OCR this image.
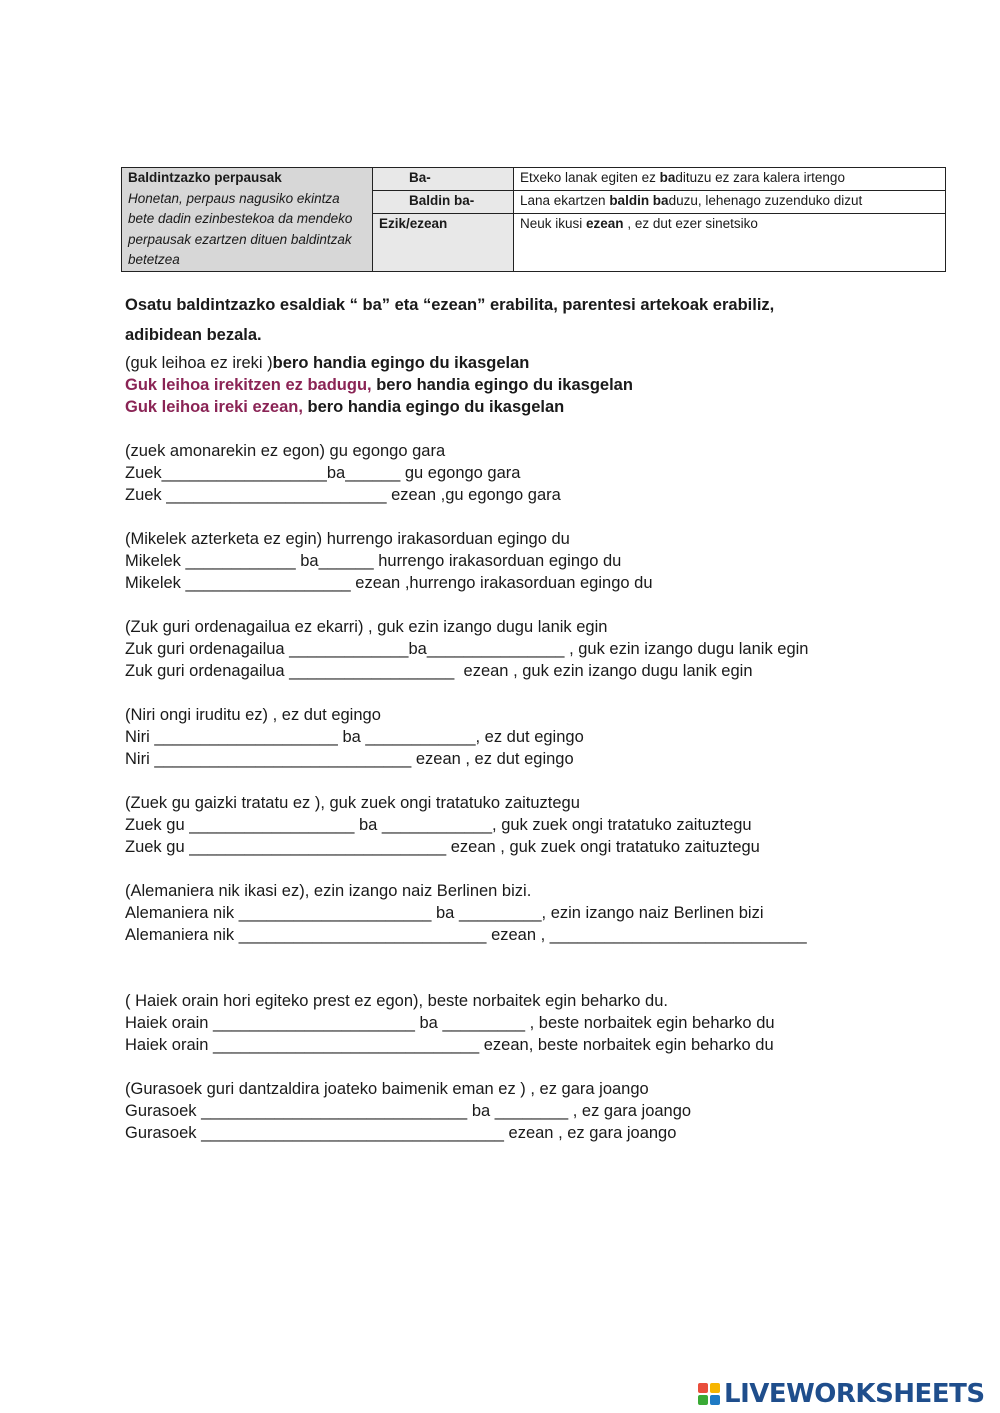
Baldintzazko perpausak
Honetan, perpaus nagusiko ekintza bete dadin ezinbestekoa da mendeko perpausak ezartzen dituen baldintzak betetzea	Ba-	Etxeko lanak egiten ez badituzu ez zara kalera irtengo
	Baldin ba-	Lana ekartzen baldin baduzu, lehenago zuzenduko dizut
	Ezik/ezean	Neuk ikusi ezean , ez dut ezer sinetsiko

Osatu baldintzazko esaldiak “ ba” eta “ezean” erabilita, parentesi artekoak erabiliz,

adibidean bezala.

(guk leihoa ez ireki )bero handia egingo du ikasgelan

Guk leihoa irekitzen ez badugu, bero handia egingo du ikasgelan

Guk leihoa ireki ezean, bero handia egingo du ikasgelan

(zuek amonarekin ez egon) gu egongo gara

Zuek__________________ba______ gu egongo gara

Zuek ________________________ ezean ,gu egongo gara

(Mikelek azterketa ez egin) hurrengo irakasorduan egingo du

Mikelek ____________ ba______ hurrengo irakasorduan egingo du

Mikelek __________________ ezean ,hurrengo irakasorduan egingo du

(Zuk guri ordenagailua ez ekarri) , guk ezin izango dugu lanik egin

Zuk guri ordenagailua _____________ba_______________ , guk ezin izango dugu lanik egin

Zuk guri ordenagailua __________________  ezean , guk ezin izango dugu lanik egin

(Niri ongi iruditu ez) , ez dut egingo

Niri ____________________ ba ____________, ez dut egingo

Niri ____________________________ ezean , ez dut egingo

(Zuek gu gaizki tratatu ez ), guk zuek ongi tratatuko zaituztegu

Zuek gu __________________ ba ____________, guk zuek ongi tratatuko zaituztegu

Zuek gu ____________________________ ezean , guk zuek ongi tratatuko zaituztegu

(Alemaniera nik ikasi ez), ezin izango naiz Berlinen bizi.

Alemaniera nik _____________________ ba _________, ezin izango naiz Berlinen bizi

Alemaniera nik ___________________________ ezean , ____________________________

( Haiek orain hori egiteko prest ez egon), beste norbaitek egin beharko du.

Haiek orain ______________________ ba _________ , beste norbaitek egin beharko du

Haiek orain _____________________________ ezean, beste norbaitek egin beharko du

(Gurasoek guri dantzaldira joateko baimenik eman ez ) , ez gara joango

Gurasoek _____________________________ ba ________ , ez gara joango

Gurasoek _________________________________ ezean , ez gara joango

LIVEWORKSHEETS
